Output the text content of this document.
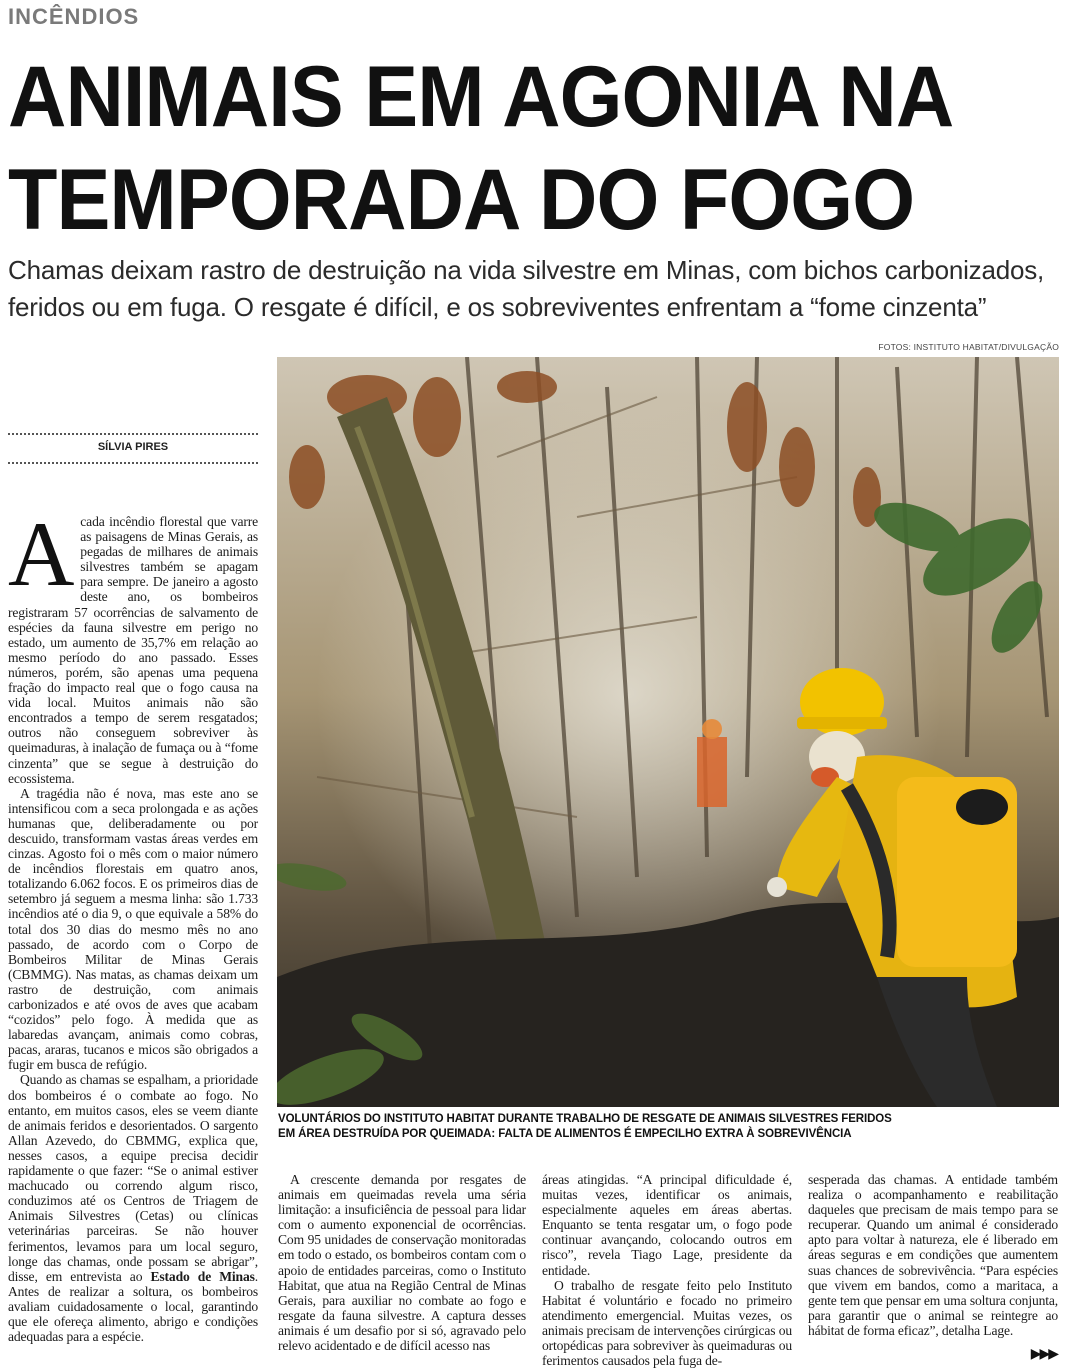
INCÊNDIOS
ANIMAIS EM AGONIA NA
TEMPORADA DO FOGO

Chamas deixam rastro de destruição na vida silvestre em Minas, com bichos carbonizados,
feridos ou em fuga. O resgate é difícil, e os sobreviventes enfrentam a “fome cinzenta”

FOTOS: INSTITUTO HABITAT/DIVULGAÇÃO
SÍLVIA PIRES

VOLUNTÁRIOS DO INSTITUTO HABITAT DURANTE TRABALHO DE RESGATE DE ANIMAIS SILVESTRES FERIDOS
EM ÁREA DESTRUÍDA POR QUEIMADA: FALTA DE ALIMENTOS É EMPECILHO EXTRA À SOBREVIVÊNCIA

Acada incêndio florestal que varre as paisagens de Minas Gerais, as pegadas de milhares de animais silvestres também se apagam para sempre. De janeiro a agosto deste ano, os bombeiros registraram 57 ocorrências de salvamento de espécies da fauna silvestre em perigo no estado, um aumento de 35,7% em relação ao mesmo período do ano passado. Esses números, porém, são apenas uma pequena fração do impacto real que o fogo causa na vida local. Muitos animais não são encontrados a tempo de serem resgatados; outros não conseguem sobreviver às queimaduras, à inalação de fumaça ou à “fome cinzenta” que se segue à destruição do ecossistema.

A tragédia não é nova, mas este ano se intensificou com a seca prolongada e as ações humanas que, deliberadamente ou por descuido, transformam vastas áreas verdes em cinzas. Agosto foi o mês com o maior número de incêndios florestais em quatro anos, totalizando 6.062 focos. E os primeiros dias de setembro já seguem a mesma linha: são 1.733 incêndios até o dia 9, o que equivale a 58% do total dos 30 dias do mesmo mês no ano passado, de acordo com o Corpo de Bombeiros Militar de Minas Gerais (CBMMG). Nas matas, as chamas deixam um rastro de destruição, com animais carbonizados e até ovos de aves que acabam “cozidos” pelo fogo. À medida que as labaredas avançam, animais como cobras, pacas, araras, tucanos e micos são obrigados a fugir em busca de refúgio.

Quando as chamas se espalham, a prioridade dos bombeiros é o combate ao fogo. No entanto, em muitos casos, eles se veem diante de animais feridos e desorientados. O sargento Allan Azevedo, do CBMMG, explica que, nesses casos, a equipe precisa decidir rapidamente o que fazer: “Se o animal estiver machucado ou correndo algum risco, conduzimos até os Centros de Triagem de Animais Silvestres (Cetas) ou clínicas veterinárias parceiras. Se não houver ferimentos, levamos para um local seguro, longe das chamas, onde possam se abrigar”, disse, em entrevista ao Estado de Minas. Antes de realizar a soltura, os bombeiros avaliam cuidadosamente o local, garantindo que ele ofereça alimento, abrigo e condições adequadas para a espécie.

A crescente demanda por resgates de animais em queimadas revela uma séria limitação: a insuficiência de pessoal para lidar com o aumento exponencial de ocorrências. Com 95 unidades de conservação monitoradas em todo o estado, os bombeiros contam com o apoio de entidades parceiras, como o Instituto Habitat, que atua na Região Central de Minas Gerais, para auxiliar no combate ao fogo e resgate da fauna silvestre. A captura desses animais é um desafio por si só, agravado pelo relevo acidentado e de difícil acesso nas

áreas atingidas. “A principal dificuldade é, muitas vezes, identificar os animais, especialmente aqueles em áreas abertas. Enquanto se tenta resgatar um, o fogo pode continuar avançando, colocando outros em risco”, revela Tiago Lage, presidente da entidade.

O trabalho de resgate feito pelo Instituto Habitat é voluntário e focado no primeiro atendimento emergencial. Muitas vezes, os animais precisam de intervenções cirúrgicas ou ortopédicas para sobreviver às queimaduras ou ferimentos causados pela fuga de-

sesperada das chamas. A entidade também realiza o acompanhamento e reabilitação daqueles que precisam de mais tempo para se recuperar. Quando um animal é considerado apto para voltar à natureza, ele é liberado em áreas seguras e em condições que aumentem suas chances de sobrevivência. “Para espécies que vivem em bandos, como a maritaca, a gente tem que pensar em uma soltura conjunta, para garantir que o animal se reintegre ao hábitat de forma eficaz”, detalha Lage.

▶▶▶
